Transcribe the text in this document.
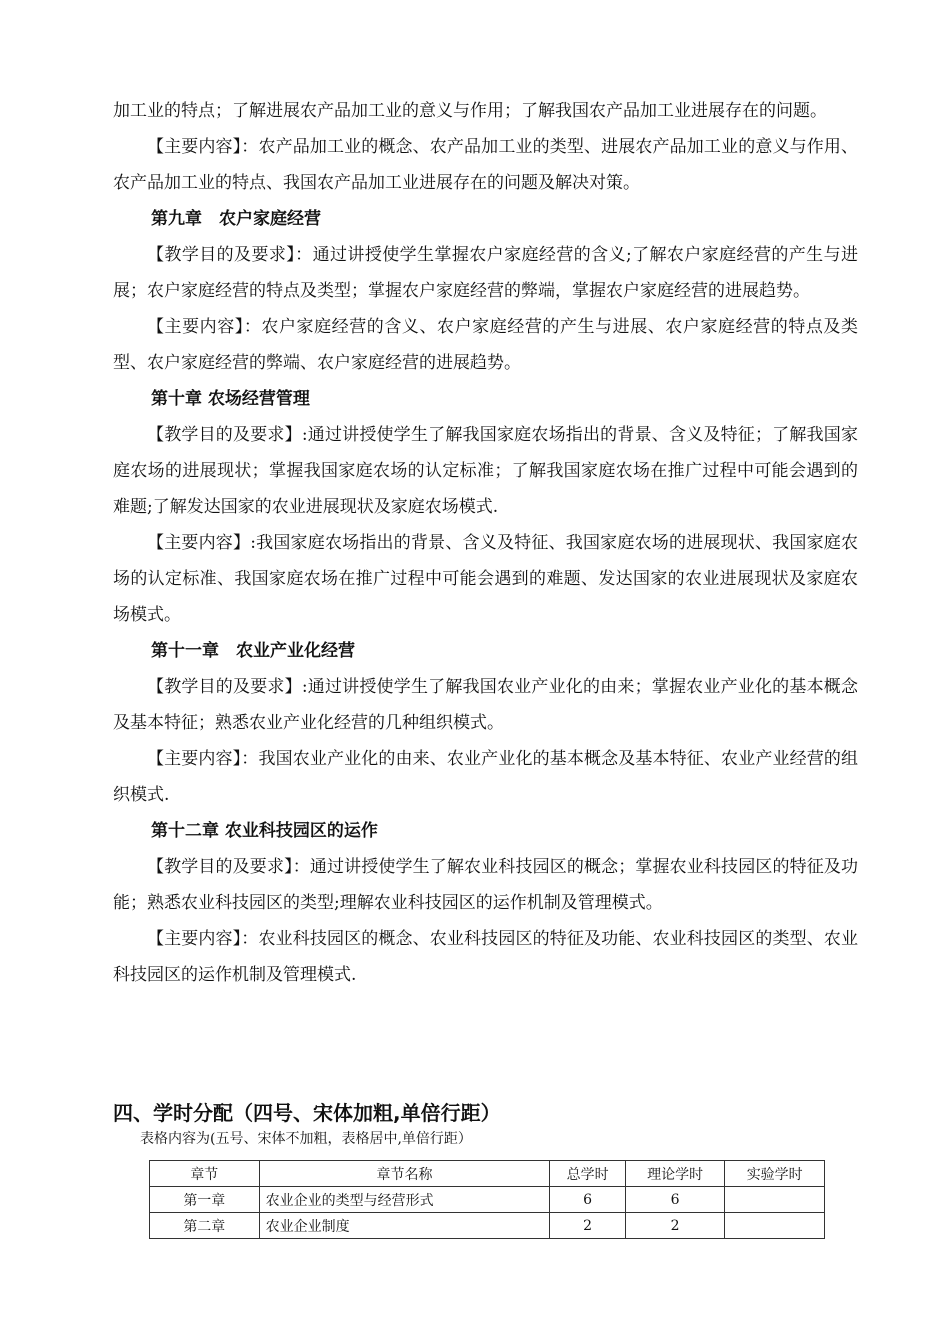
加工业的特点；了解进展农产品加工业的意义与作用；了解我国农产品加工业进展存在的问题。

【主要内容】：农产品加工业的概念、农产品加工业的类型、进展农产品加工业的意义与作用、农产品加工业的特点、我国农产品加工业进展存在的问题及解决对策。

第九章　农户家庭经营

【教学目的及要求】：通过讲授使学生掌握农户家庭经营的含义;了解农户家庭经营的产生与进展；农户家庭经营的特点及类型；掌握农户家庭经营的弊端，掌握农户家庭经营的进展趋势。

【主要内容】：农户家庭经营的含义、农户家庭经营的产生与进展、农户家庭经营的特点及类型、农户家庭经营的弊端、农户家庭经营的进展趋势。

第十章 农场经营管理

【教学目的及要求】:通过讲授使学生了解我国家庭农场指出的背景、含义及特征；了解我国家庭农场的进展现状；掌握我国家庭农场的认定标准；了解我国家庭农场在推广过程中可能会遇到的难题;了解发达国家的农业进展现状及家庭农场模式.

【主要内容】:我国家庭农场指出的背景、含义及特征、我国家庭农场的进展现状、我国家庭农场的认定标准、我国家庭农场在推广过程中可能会遇到的难题、发达国家的农业进展现状及家庭农场模式。

第十一章　农业产业化经营

【教学目的及要求】:通过讲授使学生了解我国农业产业化的由来；掌握农业产业化的基本概念及基本特征；熟悉农业产业化经营的几种组织模式。

【主要内容】：我国农业产业化的由来、农业产业化的基本概念及基本特征、农业产业经营的组织模式.

第十二章 农业科技园区的运作

【教学目的及要求】：通过讲授使学生了解农业科技园区的概念；掌握农业科技园区的特征及功能；熟悉农业科技园区的类型;理解农业科技园区的运作机制及管理模式。

【主要内容】：农业科技园区的概念、农业科技园区的特征及功能、农业科技园区的类型、农业科技园区的运作机制及管理模式.

四、学时分配（四号、宋体加粗,单倍行距）

表格内容为(五号、宋体不加粗，表格居中,单倍行距）

章节	章节名称	总学时	理论学时	实验学时
第一章	农业企业的类型与经营形式	6	6	
第二章	农业企业制度	2	2	
